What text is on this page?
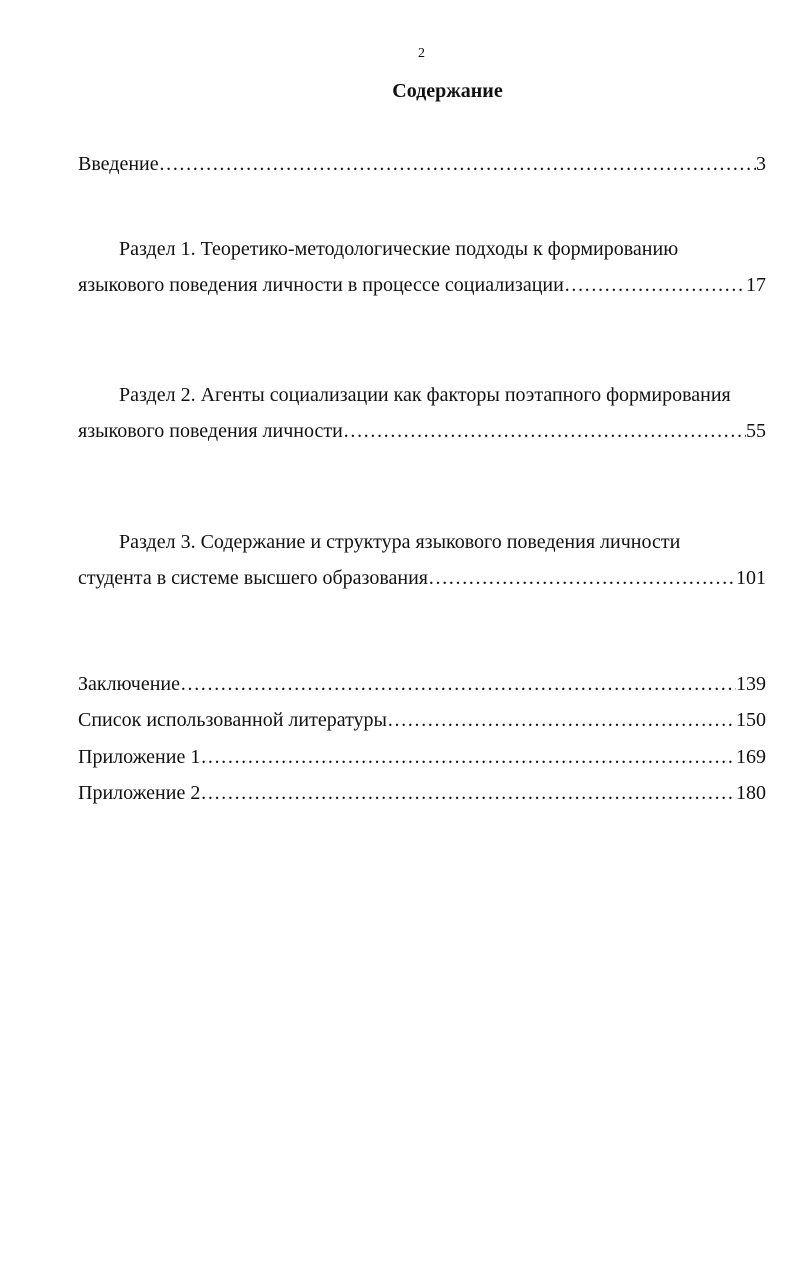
2
Содержание
Введение ………………………………………………………………………………………………………………………………………………………………………………………………………………	3
Раздел 1. Теоретико-методологические подходы к формированию
языкового поведения личности в процессе социализации ………………………………………………………………………………………………………………………………………………………………………………………………………………	17
Раздел 2. Агенты социализации как факторы поэтапного формирования
языкового поведения личности ………………………………………………………………………………………………………………………………………………………………………………………………………………	55
Раздел 3. Содержание и структура языкового поведения личности
студента в системе высшего образования ………………………………………………………………………………………………………………………………………………………………………………………………………………	101
Заключение ………………………………………………………………………………………………………………………………………………………………………………………………………………	139
Список использованной литературы ………………………………………………………………………………………………………………………………………………………………………………………………………………	150
Приложение 1 ………………………………………………………………………………………………………………………………………………………………………………………………………………	169
Приложение 2 ………………………………………………………………………………………………………………………………………………………………………………………………………………	180
